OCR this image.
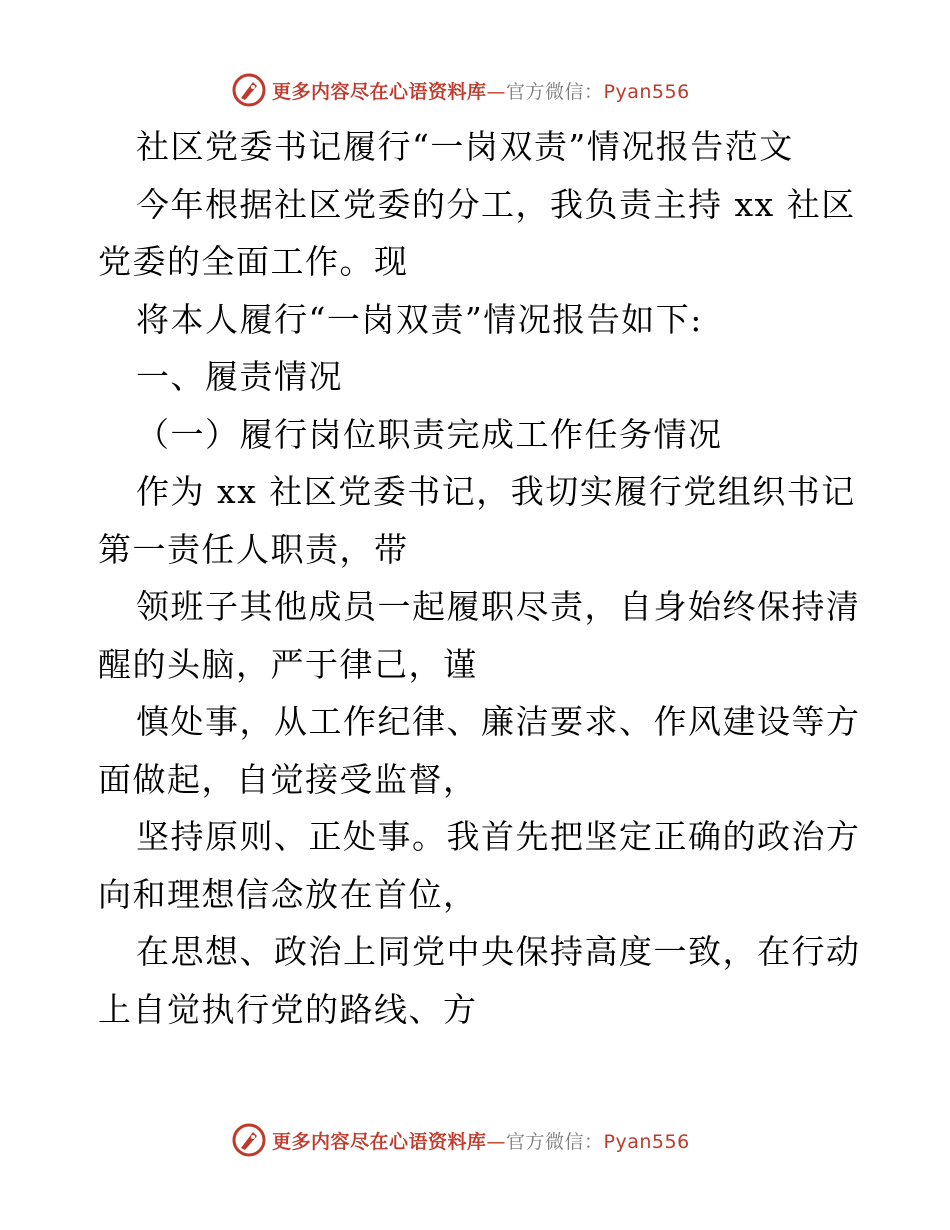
更多内容尽在心语资料库—官方微信：Pyan556
社区党委书记履行“一岗双责”情况报告范文
今年根据社区党委的分工，我负责主持 xx 社区
党委的全面工作。现
将本人履行“一岗双责”情况报告如下:
一、履责情况
（一）履行岗位职责完成工作任务情况
作为 xx 社区党委书记，我切实履行党组织书记
第一责任人职责，带
领班子其他成员一起履职尽责，自身始终保持清
醒的头脑，严于律己，谨
慎处事，从工作纪律、廉洁要求、作风建设等方
面做起，自觉接受监督，
坚持原则、正处事。我首先把坚定正确的政治方
向和理想信念放在首位，
在思想、政治上同党中央保持高度一致，在行动
上自觉执行党的路线、方
更多内容尽在心语资料库—官方微信：Pyan556
